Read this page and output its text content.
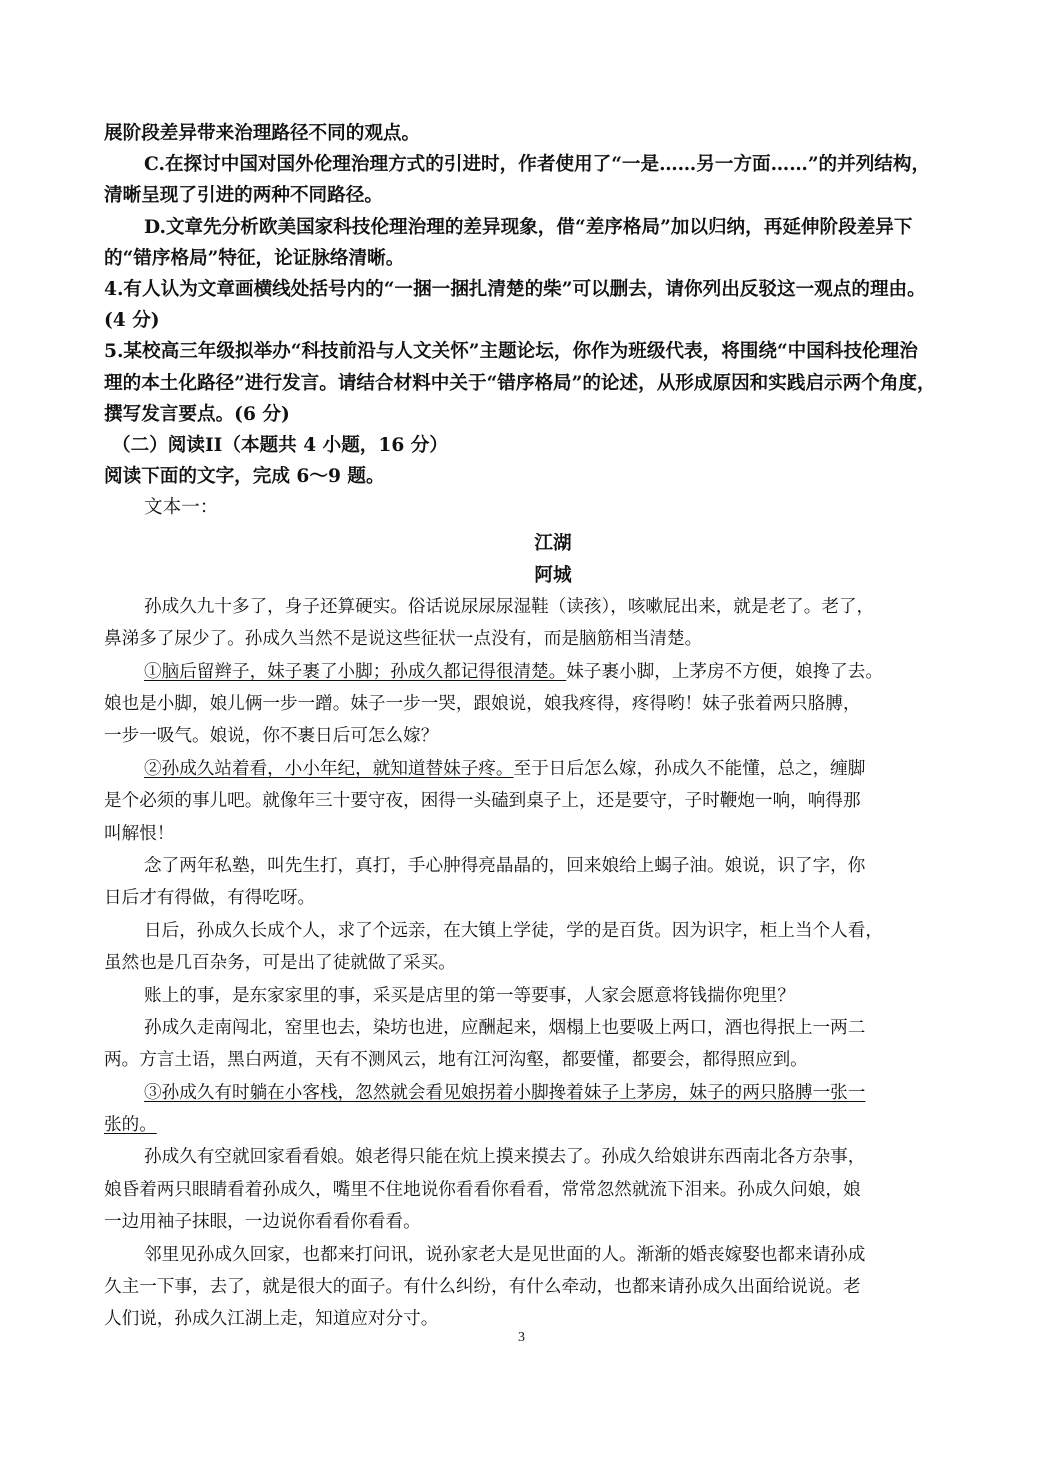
展阶段差异带来治理路径不同的观点。

C.在探讨中国对国外伦理治理方式的引进时，作者使用了“一是……另一方面……”的并列结构，

清晰呈现了引进的两种不同路径。

D.文章先分析欧美国家科技伦理治理的差异现象，借“差序格局”加以归纳，再延伸阶段差异下

的“错序格局”特征，论证脉络清晰。

4.有人认为文章画横线处括号内的“一捆一捆扎清楚的柴”可以删去，请你列出反驳这一观点的理由。

(4 分)

5.某校高三年级拟举办“科技前沿与人文关怀”主题论坛，你作为班级代表，将围绕“中国科技伦理治

理的本土化路径”进行发言。请结合材料中关于“错序格局”的论述，从形成原因和实践启示两个角度，

撰写发言要点。(6 分)

（二）阅读II（本题共 4 小题，16 分）

阅读下面的文字，完成 6～9 题。

文本一：

江湖

阿城

孙成久九十多了，身子还算硬实。俗话说尿尿尿湿鞋（读孩），咳嗽屁出来，就是老了。老了，

鼻涕多了尿少了。孙成久当然不是说这些征状一点没有，而是脑筋相当清楚。

①脑后留辫子，妹子裹了小脚；孙成久都记得很清楚。妹子裹小脚，上茅房不方便，娘搀了去。

娘也是小脚，娘儿俩一步一蹭。妹子一步一哭，跟娘说，娘我疼得，疼得哟！妹子张着两只胳膊，

一步一吸气。娘说，你不裹日后可怎么嫁？

②孙成久站着看，小小年纪，就知道替妹子疼。至于日后怎么嫁，孙成久不能懂，总之，缠脚

是个必须的事儿吧。就像年三十要守夜，困得一头磕到桌子上，还是要守，子时鞭炮一响，响得那

叫解恨！

念了两年私塾，叫先生打，真打，手心肿得亮晶晶的，回来娘给上蝎子油。娘说，识了字，你

日后才有得做，有得吃呀。

日后，孙成久长成个人，求了个远亲，在大镇上学徒，学的是百货。因为识字，柜上当个人看，

虽然也是几百杂务，可是出了徒就做了采买。

账上的事，是东家家里的事，采买是店里的第一等要事，人家会愿意将钱揣你兜里？

孙成久走南闯北，窑里也去，染坊也进，应酬起来，烟榻上也要吸上两口，酒也得抿上一两二

两。方言土语，黑白两道，天有不测风云，地有江河沟壑，都要懂，都要会，都得照应到。

③孙成久有时躺在小客栈，忽然就会看见娘拐着小脚搀着妹子上茅房，妹子的两只胳膊一张一

张的。

孙成久有空就回家看看娘。娘老得只能在炕上摸来摸去了。孙成久给娘讲东西南北各方杂事，

娘昏着两只眼睛看着孙成久，嘴里不住地说你看看你看看，常常忽然就流下泪来。孙成久问娘，娘

一边用袖子抹眼，一边说你看看你看看。

邻里见孙成久回家，也都来打问讯，说孙家老大是见世面的人。渐渐的婚丧嫁娶也都来请孙成

久主一下事，去了，就是很大的面子。有什么纠纷，有什么牵动，也都来请孙成久出面给说说。老

人们说，孙成久江湖上走，知道应对分寸。

3
